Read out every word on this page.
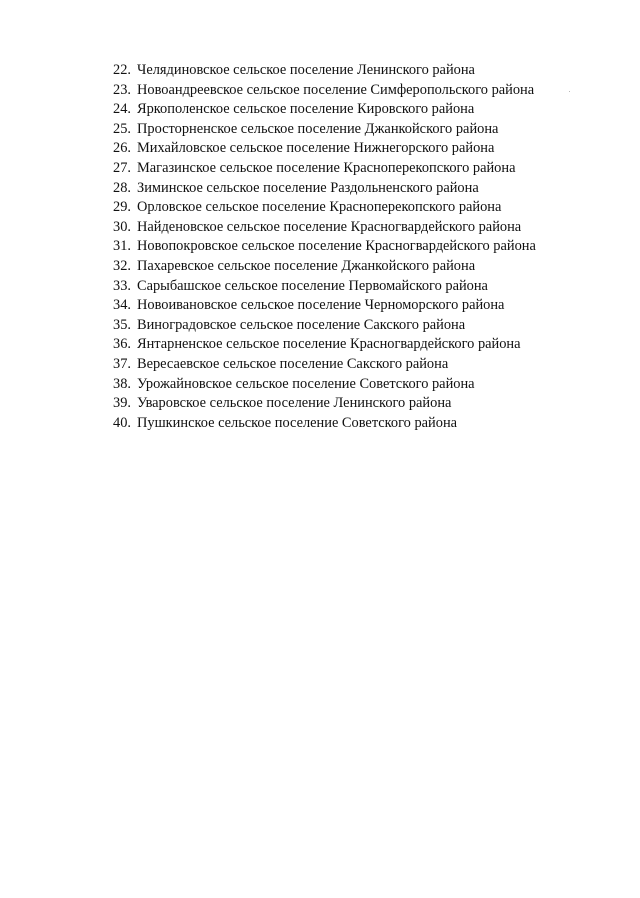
22. Челядиновское сельское поселение Ленинского района
23. Новоандреевское сельское поселение Симферопольского района
24. Яркополенское сельское поселение Кировского района
25. Просторненское сельское поселение Джанкойского района
26. Михайловское сельское поселение Нижнегорского района
27. Магазинское сельское поселение Красноперекопского района
28. Зиминское сельское поселение Раздольненского района
29. Орловское сельское поселение Красноперекопского района
30. Найденовское сельское поселение Красногвардейского района
31. Новопокровское сельское поселение Красногвардейского района
32. Пахаревское сельское поселение Джанкойского района
33. Сарыбашское сельское поселение Первомайского района
34. Новоивановское сельское поселение Черноморского района
35. Виноградовское сельское поселение Сакского района
36. Янтарненское сельское поселение Красногвардейского района
37. Вересаевское сельское поселение Сакского района
38. Урожайновское сельское поселение Советского района
39. Уваровское сельское поселение Ленинского района
40. Пушкинское сельское поселение Советского района
